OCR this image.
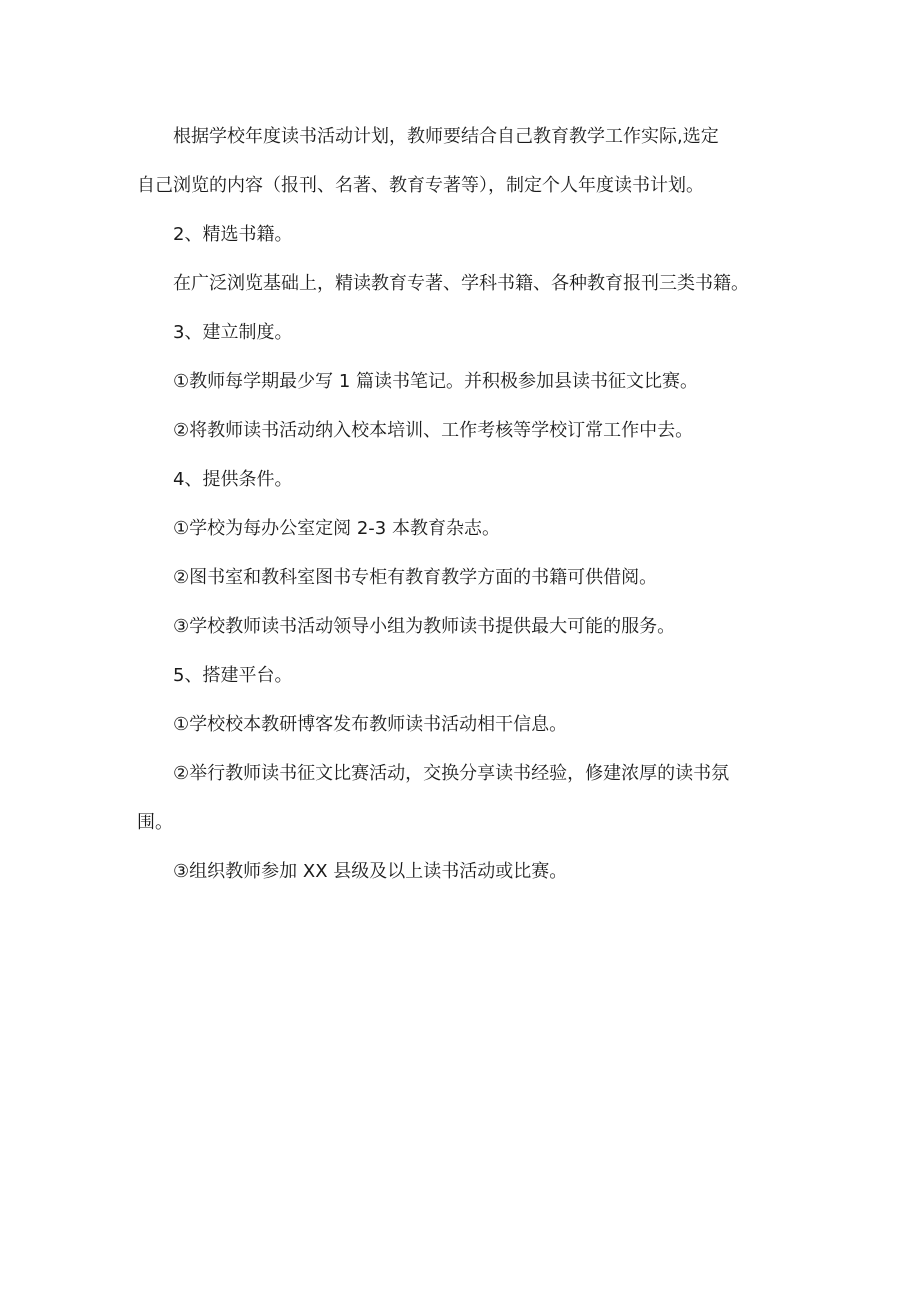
根据学校年度读书活动计划，教师要结合自己教育教学工作实际,选定
自己浏览的内容（报刊、名著、教育专著等），制定个人年度读书计划。

2、精选书籍。

在广泛浏览基础上，精读教育专著、学科书籍、各种教育报刊三类书籍。

3、建立制度。

①教师每学期最少写 1 篇读书笔记。并积极参加县读书征文比赛。

②将教师读书活动纳入校本培训、工作考核等学校订常工作中去。

4、提供条件。

①学校为每办公室定阅 2-3 本教育杂志。

②图书室和教科室图书专柜有教育教学方面的书籍可供借阅。

③学校教师读书活动领导小组为教师读书提供最大可能的服务。

5、搭建平台。

①学校校本教研博客发布教师读书活动相干信息。

②举行教师读书征文比赛活动，交换分享读书经验，修建浓厚的读书氛
围。

③组织教师参加 XX 县级及以上读书活动或比赛。
